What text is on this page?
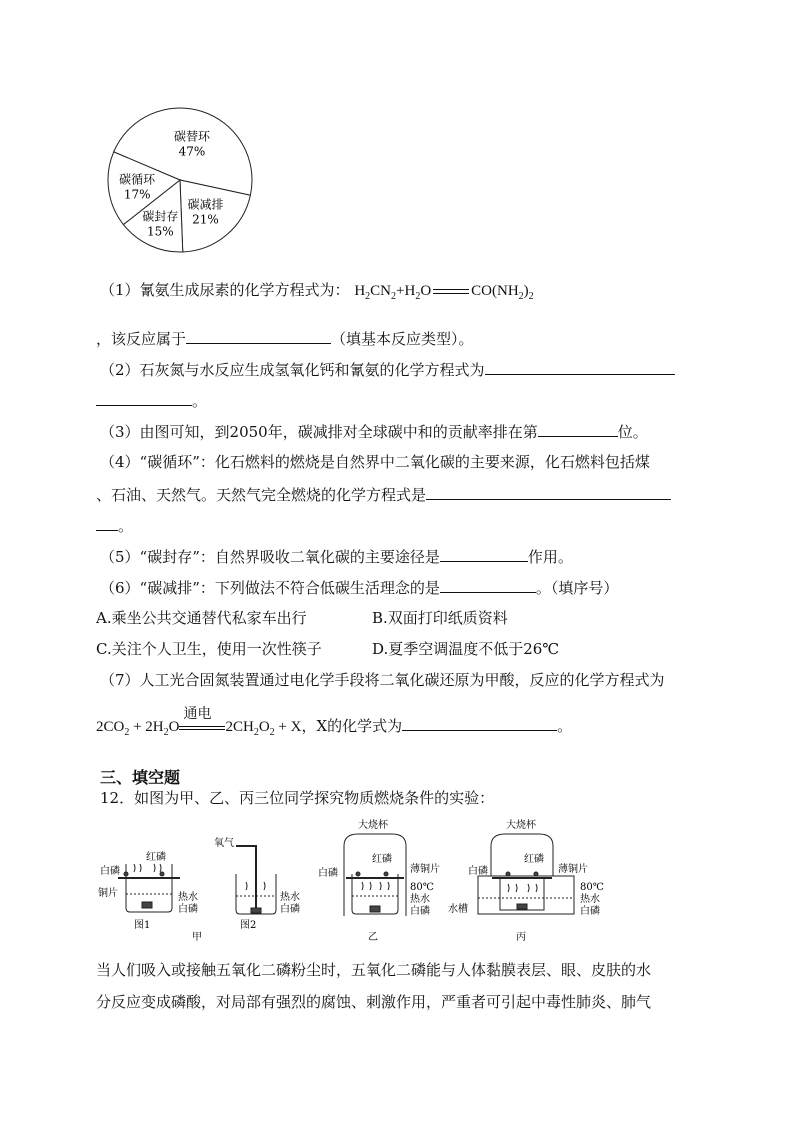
碳替环
47%
碳减排
21%
碳封存
15%
碳循环
17%
（1）氰氨生成尿素的化学方程式为： $H_2CN_2+H_2O$	$CO(NH_2)_2$
，该反应属于	（填基本反应类型）。
（2）石灰氮与水反应生成氢氧化钙和氰氨的化学方程式为
。
（3）由图可知，到2050年，碳减排对全球碳中和的贡献率排在第	位。
（4）“碳循环”：化石燃料的燃烧是自然界中二氧化碳的主要来源，化石燃料包括煤
、石油、天然气。天然气完全燃烧的化学方程式是
。
（5）“碳封存”：自然界吸收二氧化碳的主要途径是	作用。
（6）“碳减排”：下列做法不符合低碳生活理念的是	。（填序号）
A.乘坐公共交通替代私家车出行	B.双面打印纸质资料
C.关注个人卫生，使用一次性筷子	D.夏季空调温度不低于26℃
（7）人工光合固氮装置通过电化学手段将二氧化碳还原为甲酸，反应的化学方程式为
$2CO_2 + 2H_2O$
通电
$2CH_2O_2 + X$，X的化学式为	。
三、填空题
12．如图为甲、乙、丙三位同学探究物质燃烧条件的实验：
白磷
红磷
铜片	热水
白磷
图1
氧气
热水
白磷
图2
甲
大烧杯
红磷
白磷	薄铜片
80℃
热水
白磷
乙
大烧杯
红磷
白磷	薄铜片
80℃
热水
水槽	白磷
丙
当人们吸入或接触五氧化二磷粉尘时，五氧化二磷能与人体黏膜表层、眼、皮肤的水
分反应变成磷酸，对局部有强烈的腐蚀、刺激作用，严重者可引起中毒性肺炎、肺气
